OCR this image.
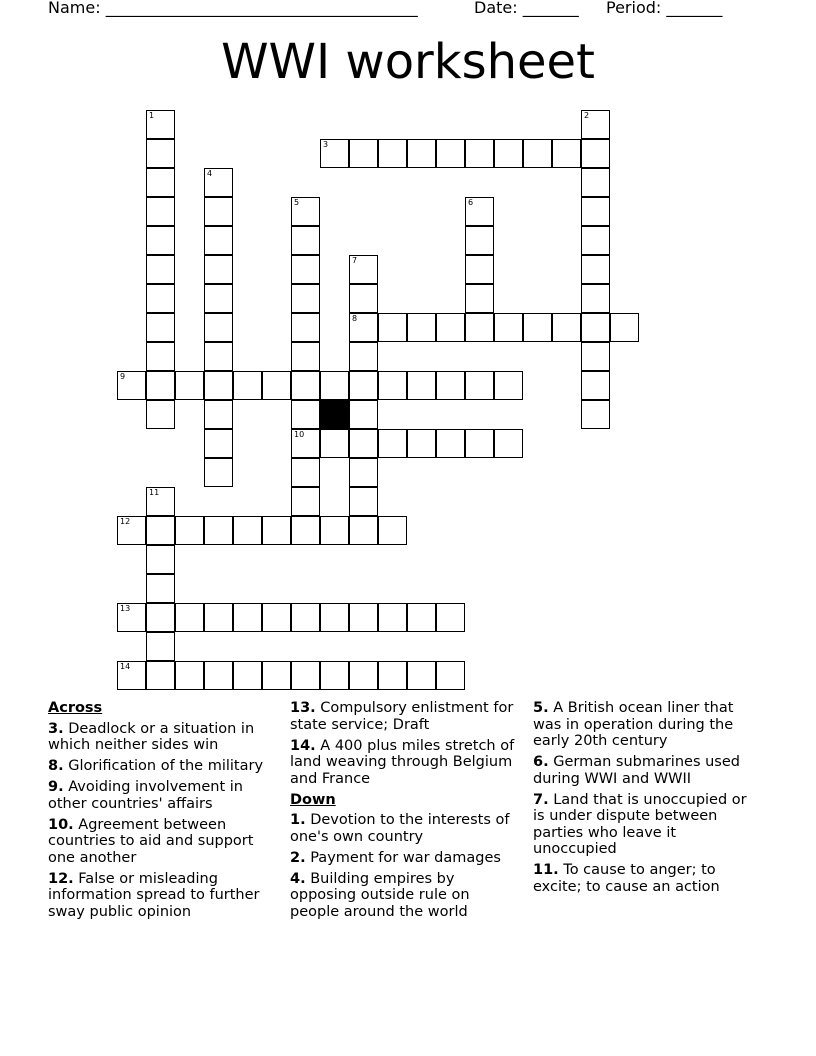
Name: _______________________________________	Date: _______ Period: _______
WWI worksheet
1	2
3
4
5
10
6
7
8
9
11
12
13
14
Across
3. Deadlock or a situation in which neither sides win
8. Glorification of the military
9. Avoiding involvement in other countries' affairs
10. Agreement between countries to aid and support one another
12. False or misleading information spread to further sway public opinion
13. Compulsory enlistment for state service; Draft
14. A 400 plus miles stretch of land weaving through Belgium and France
Down
1. Devotion to the interests of one's own country
2. Payment for war damages
4. Building empires by opposing outside rule on people around the world
5. A British ocean liner that was in operation during the early 20th century
6. German submarines used during WWI and WWII
7. Land that is unoccupied or is under dispute between parties who leave it unoccupied
11. To cause to anger; to excite; to cause an action
